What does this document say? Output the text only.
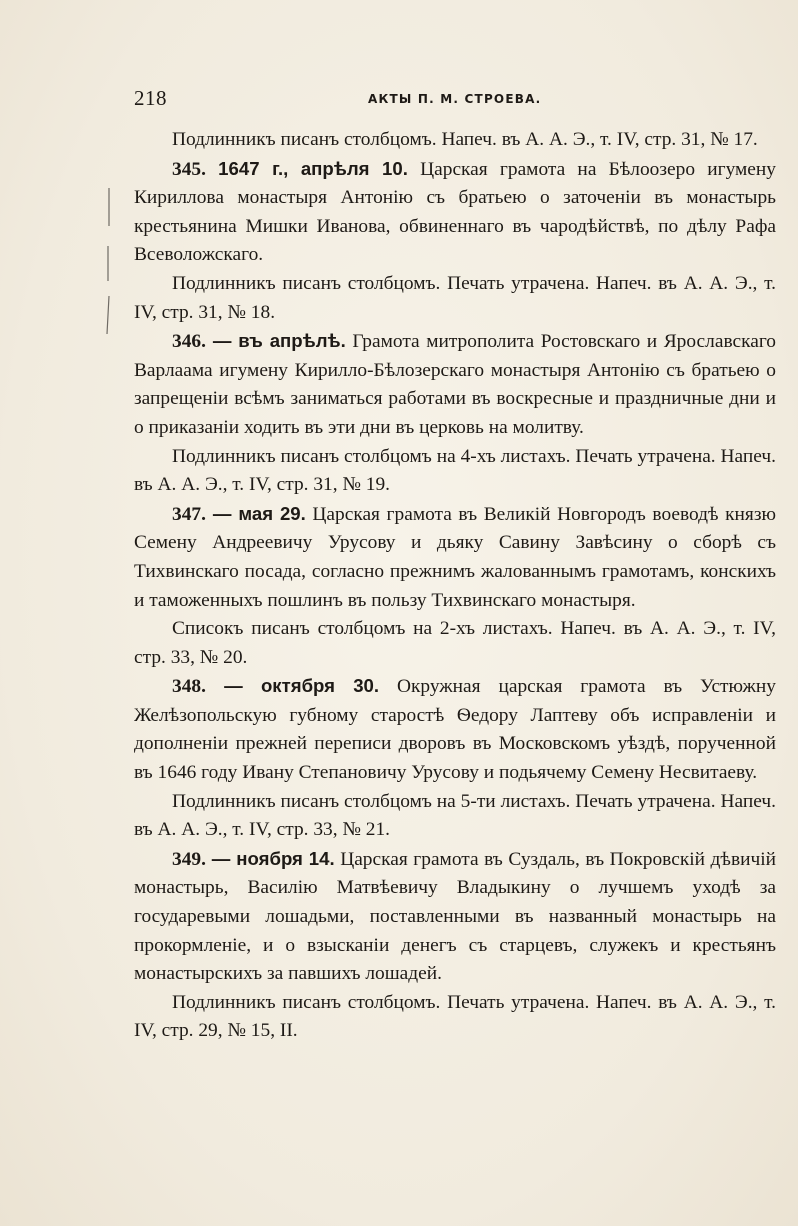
218	АКТЫ П. М. СТРОЕВА.

Подлинникъ писанъ столбцомъ. Напеч. въ А. А. Э., т. IV, стр. 31, № 17.

345. 1647 г., апрѣля 10. Царская грамота на Бѣлоозеро игумену Кириллова монастыря Антонію съ братьею о заточеніи въ монастырь крестьянина Мишки Иванова, обвиненнаго въ чародѣйствѣ, по дѣлу Рафа Всеволожскаго.

Подлинникъ писанъ столбцомъ. Печать утрачена. Напеч. въ А. А. Э., т. IV, стр. 31, № 18.

346. — въ апрѣлѣ. Грамота митрополита Ростовскаго и Ярославскаго Варлаама игумену Кирилло-Бѣлозерскаго монастыря Антонію съ братьею о запрещеніи всѣмъ заниматься работами въ воскресные и праздничные дни и о приказаніи ходить въ эти дни въ церковь на молитву.

Подлинникъ писанъ столбцомъ на 4-хъ листахъ. Печать утрачена. Напеч. въ А. А. Э., т. IV, стр. 31, № 19.

347. — мая 29. Царская грамота въ Великій Новгородъ воеводѣ князю Семену Андреевичу Урусову и дьяку Савину Завѣсину о сборѣ съ Тихвинскаго посада, согласно прежнимъ жалованнымъ грамотамъ, конскихъ и таможенныхъ пошлинъ въ пользу Тихвинскаго монастыря.

Списокъ писанъ столбцомъ на 2-хъ листахъ. Напеч. въ А. А. Э., т. IV, стр. 33, № 20.

348. — октября 30. Окружная царская грамота въ Устюжну Желѣзопольскую губному старостѣ Ѳедору Лаптеву объ исправленіи и дополненіи прежней переписи дворовъ въ Московскомъ уѣздѣ, порученной въ 1646 году Ивану Степановичу Урусову и подьячему Семену Несвитаеву.

Подлинникъ писанъ столбцомъ на 5-ти листахъ. Печать утрачена. Напеч. въ А. А. Э., т. IV, стр. 33, № 21.

349. — ноября 14. Царская грамота въ Суздаль, въ Покровскій дѣвичій монастырь, Василію Матвѣевичу Владыкину о лучшемъ уходѣ за государевыми лошадьми, поставленными въ названный монастырь на прокормленіе, и о взысканіи денегъ съ старцевъ, служекъ и крестьянъ монастырскихъ за павшихъ лошадей.

Подлинникъ писанъ столбцомъ. Печать утрачена. Напеч. въ А. А. Э., т. IV, стр. 29, № 15, II.
